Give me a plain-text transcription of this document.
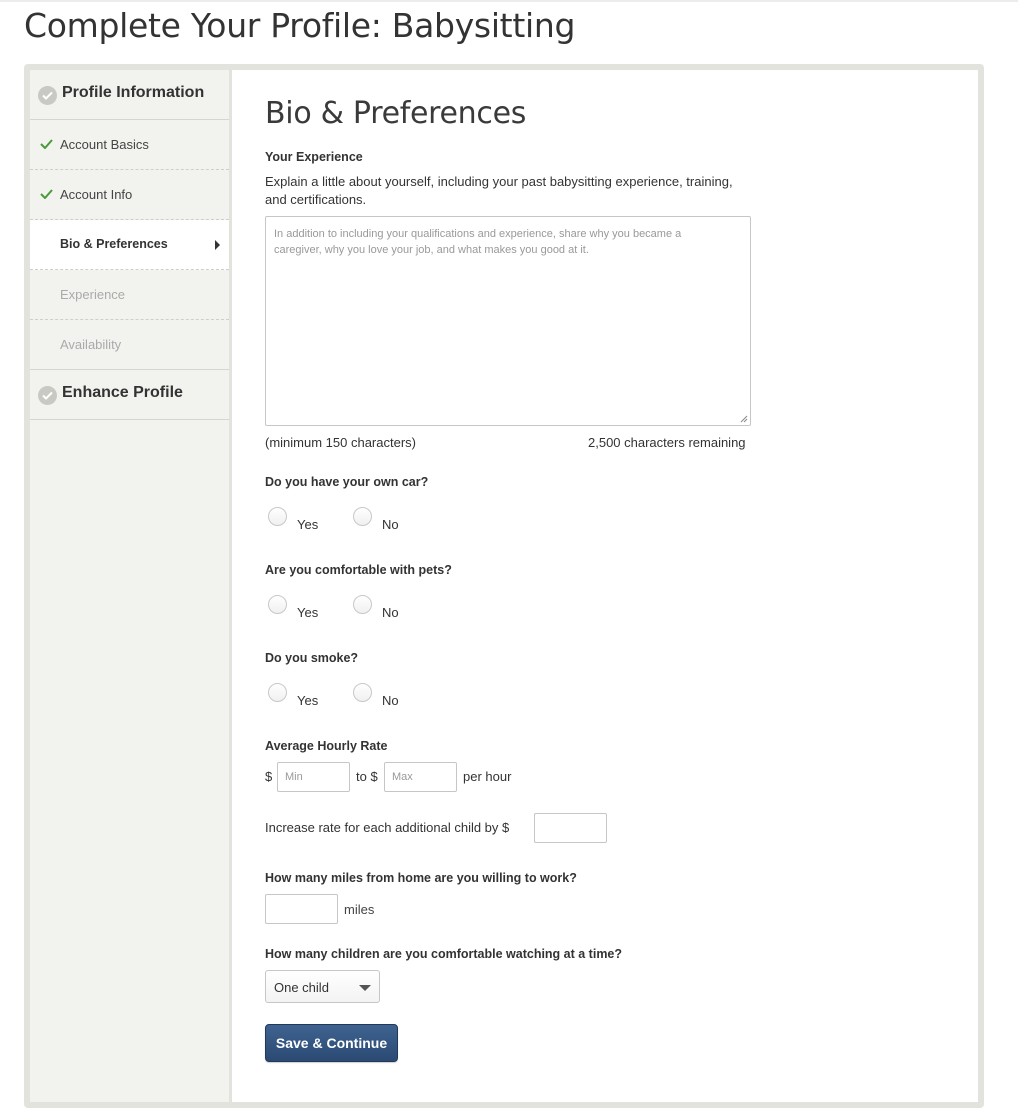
Complete Your Profile: Babysitting
Profile Information
Account Basics
Account Info
Bio & Preferences
Experience
Availability
Enhance Profile
Bio & Preferences
Your Experience
Explain a little about yourself, including your past babysitting experience, training, and certifications.
In addition to including your qualifications and experience, share why you became a caregiver, why you love your job, and what makes you good at it.
(minimum 150 characters)	2,500 characters remaining
Do you have your own car?
Yes	No
Are you comfortable with pets?
Yes	No
Do you smoke?
Yes	No
Average Hourly Rate
$ Min	to $ Max	per hour
Increase rate for each additional child by $
How many miles from home are you willing to work?
miles
How many children are you comfortable watching at a time?
One child
Save & Continue
